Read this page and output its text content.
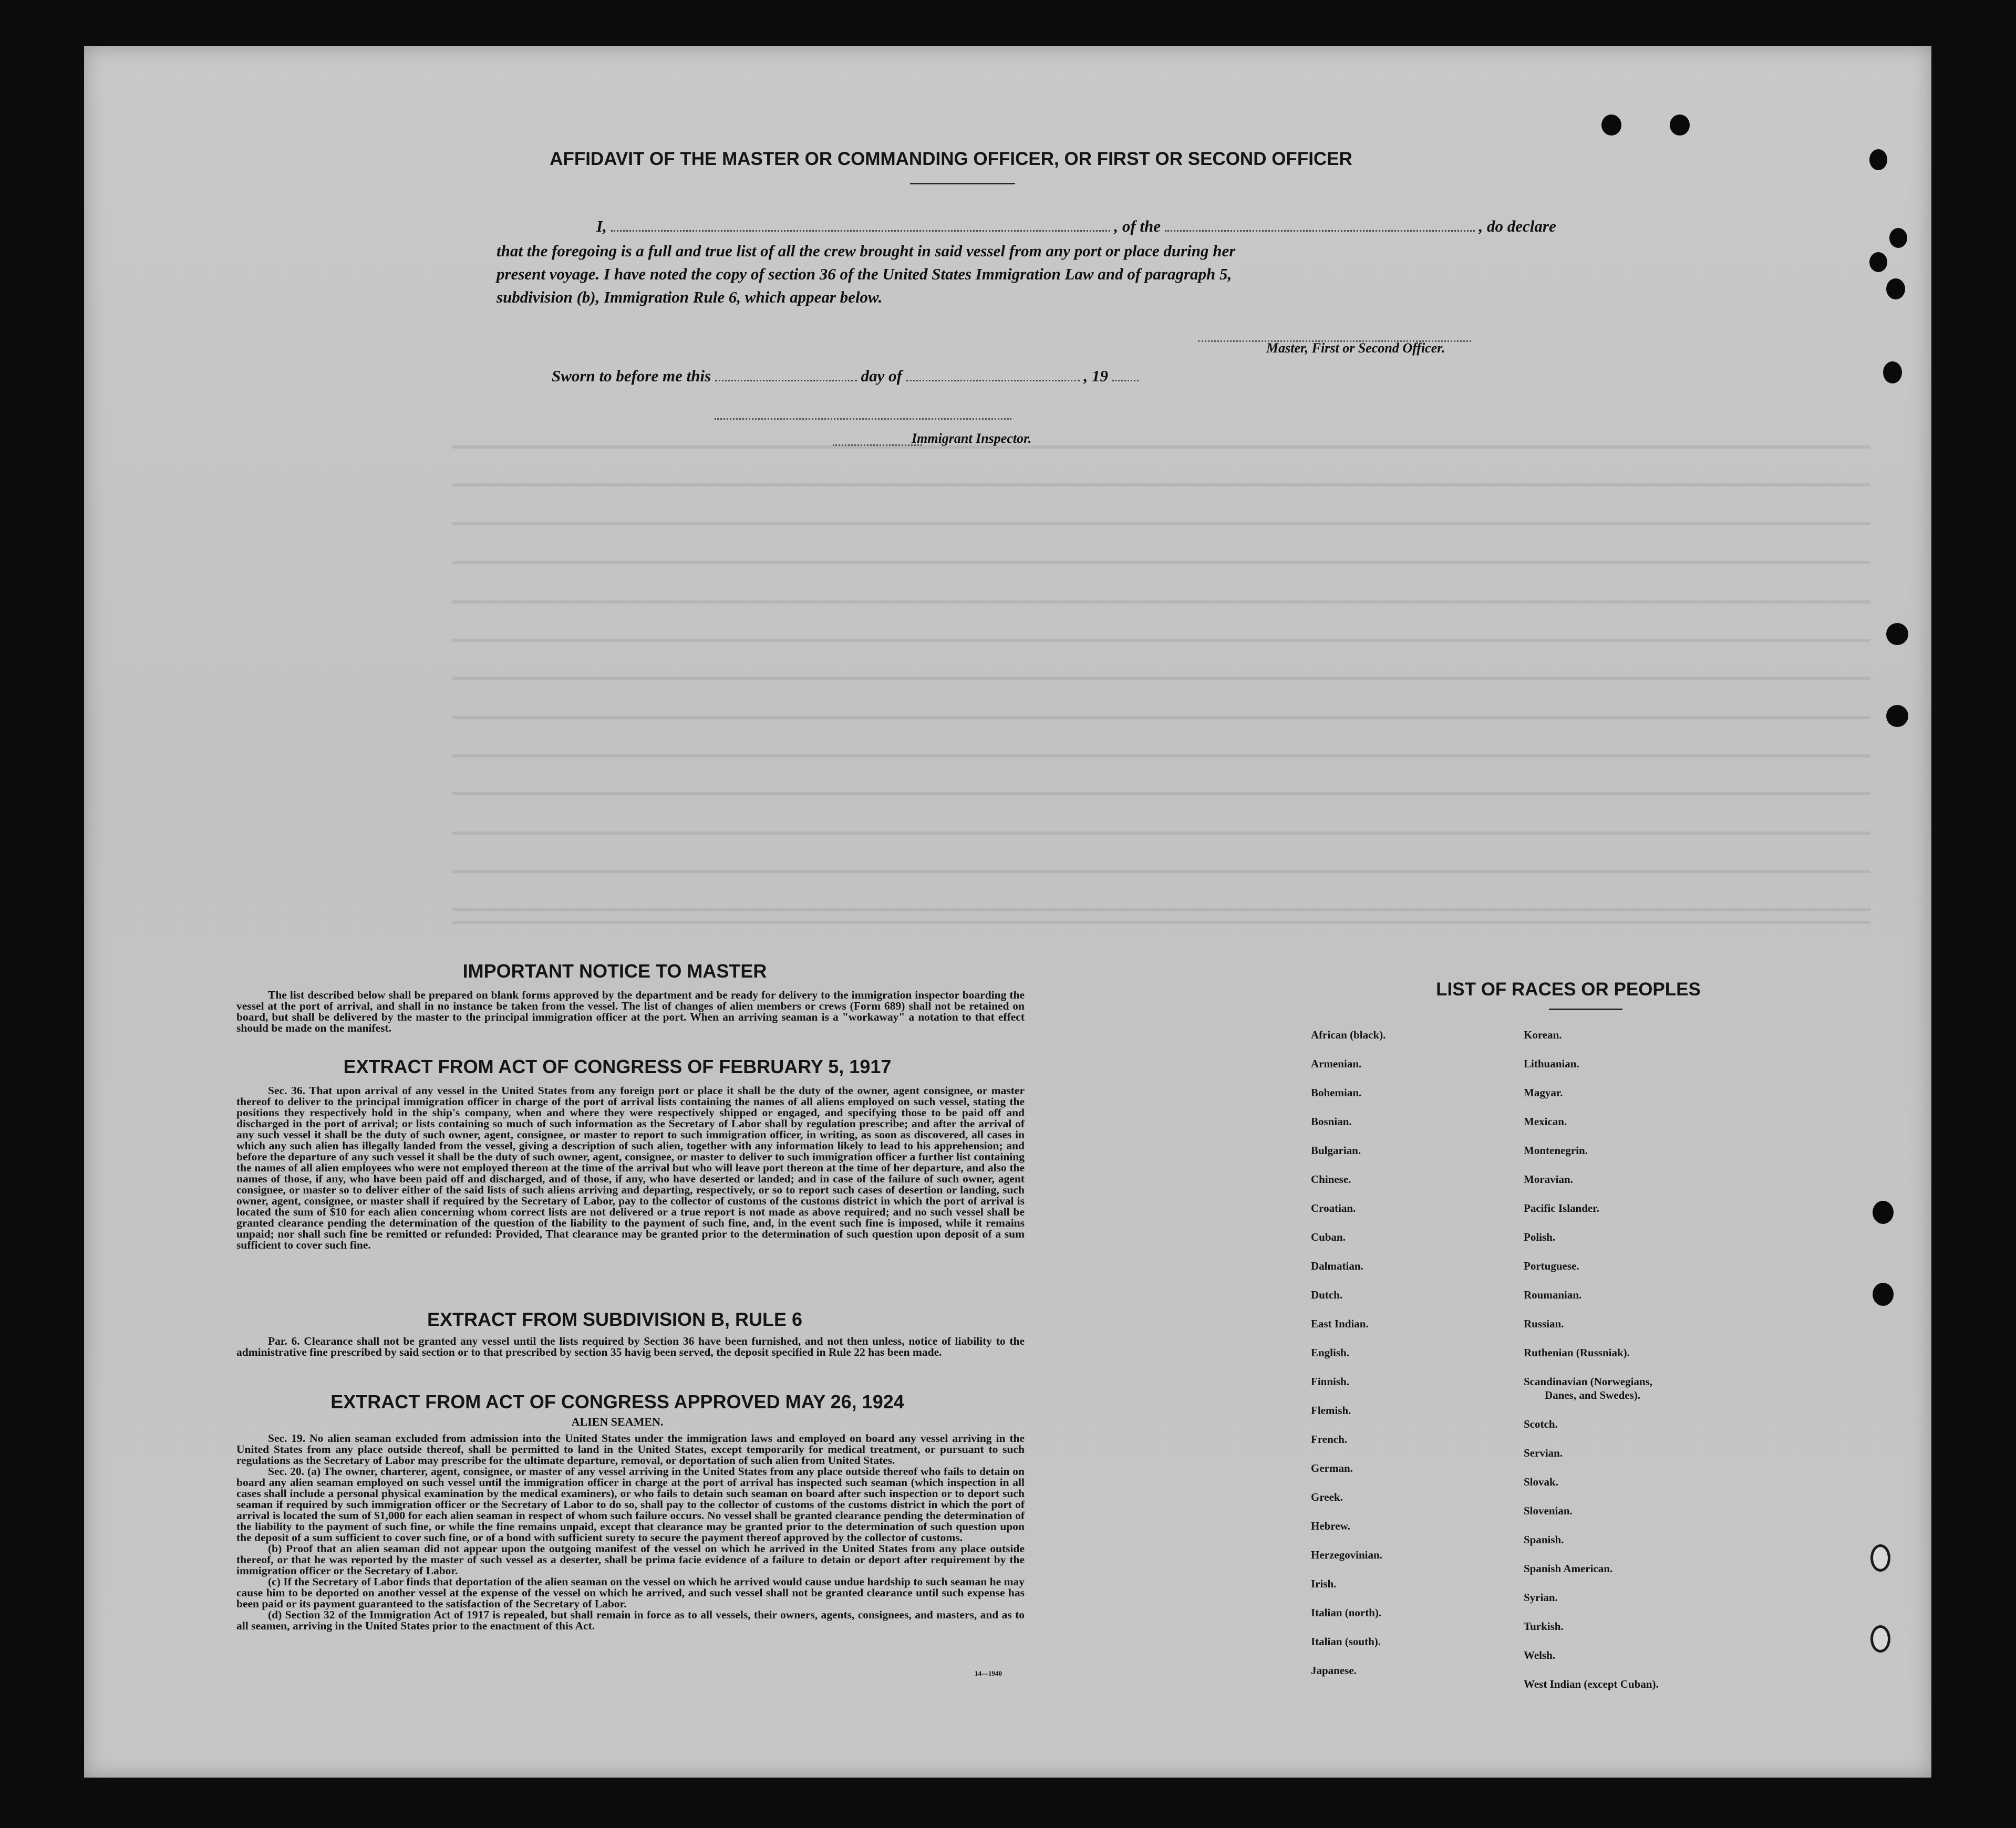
AFFIDAVIT OF THE MASTER OR COMMANDING OFFICER, OR FIRST OR SECOND OFFICER
I,	, of the	, do declare
that the foregoing is a full and true list of all the crew brought in said vessel from any port or place during her
present voyage. I have noted the copy of section 36 of the United States Immigration Law and of paragraph 5,
subdivision (b), Immigration Rule 6, which appear below.
Master, First or Second Officer.
Sworn to before me this	day of	, 19
Immigrant Inspector.
IMPORTANT NOTICE TO MASTER

The list described below shall be prepared on blank forms approved by the department and be ready for delivery to the immigration inspector boarding the vessel at the port of arrival, and shall in no instance be taken from the vessel. The list of changes of alien members or crews (Form 689) shall not be retained on board, but shall be delivered by the master to the principal immigration officer at the port. When an arriving seaman is a "workaway" a notation to that effect should be made on the manifest.

EXTRACT FROM ACT OF CONGRESS OF FEBRUARY 5, 1917

Sec. 36. That upon arrival of any vessel in the United States from any foreign port or place it shall be the duty of the owner, agent consignee, or master thereof to deliver to the principal immigration officer in charge of the port of arrival lists containing the names of all aliens employed on such vessel, stating the positions they respectively hold in the ship's company, when and where they were respectively shipped or engaged, and specifying those to be paid off and discharged in the port of arrival; or lists containing so much of such information as the Secretary of Labor shall by regulation prescribe; and after the arrival of any such vessel it shall be the duty of such owner, agent, consignee, or master to report to such immigration officer, in writing, as soon as discovered, all cases in which any such alien has illegally landed from the vessel, giving a description of such alien, together with any information likely to lead to his apprehension; and before the departure of any such vessel it shall be the duty of such owner, agent, consignee, or master to deliver to such immigration officer a further list containing the names of all alien employees who were not employed thereon at the time of the arrival but who will leave port thereon at the time of her departure, and also the names of those, if any, who have been paid off and discharged, and of those, if any, who have deserted or landed; and in case of the failure of such owner, agent consignee, or master so to deliver either of the said lists of such aliens arriving and departing, respectively, or so to report such cases of desertion or landing, such owner, agent, consignee, or master shall if required by the Secretary of Labor, pay to the collector of customs of the customs district in which the port of arrival is located the sum of $10 for each alien concerning whom correct lists are not delivered or a true report is not made as above required; and no such vessel shall be granted clearance pending the determination of the question of the liability to the payment of such fine, and, in the event such fine is imposed, while it remains unpaid; nor shall such fine be remitted or refunded: Provided, That clearance may be granted prior to the determination of such question upon deposit of a sum sufficient to cover such fine.

EXTRACT FROM SUBDIVISION B, RULE 6

Par. 6. Clearance shall not be granted any vessel until the lists required by Section 36 have been furnished, and not then unless, notice of liability to the administrative fine prescribed by said section or to that prescribed by section 35 havig been served, the deposit specified in Rule 22 has been made.

EXTRACT FROM ACT OF CONGRESS APPROVED MAY 26, 1924
ALIEN SEAMEN.

Sec. 19. No alien seaman excluded from admission into the United States under the immigration laws and employed on board any vessel arriving in the United States from any place outside thereof, shall be permitted to land in the United States, except temporarily for medical treatment, or pursuant to such regulations as the Secretary of Labor may prescribe for the ultimate departure, removal, or deportation of such alien from United States.

Sec. 20. (a) The owner, charterer, agent, consignee, or master of any vessel arriving in the United States from any place outside thereof who fails to detain on board any alien seaman employed on such vessel until the immigration officer in charge at the port of arrival has inspected such seaman (which inspection in all cases shall include a personal physical examination by the medical examiners), or who fails to detain such seaman on board after such inspection or to deport such seaman if required by such immigration officer or the Secretary of Labor to do so, shall pay to the collector of customs of the customs district in which the port of arrival is located the sum of $1,000 for each alien seaman in respect of whom such failure occurs. No vessel shall be granted clearance pending the determination of the liability to the payment of such fine, or while the fine remains unpaid, except that clearance may be granted prior to the determination of such question upon the deposit of a sum sufficient to cover such fine, or of a bond with sufficient surety to secure the payment thereof approved by the collector of customs.

(b) Proof that an alien seaman did not appear upon the outgoing manifest of the vessel on which he arrived in the United States from any place outside thereof, or that he was reported by the master of such vessel as a deserter, shall be prima facie evidence of a failure to detain or deport after requirement by the immigration officer or the Secretary of Labor.

(c) If the Secretary of Labor finds that deportation of the alien seaman on the vessel on which he arrived would cause undue hardship to such seaman he may cause him to be deported on another vessel at the expense of the vessel on which he arrived, and such vessel shall not be granted clearance until such expense has been paid or its payment guaranteed to the satisfaction of the Secretary of Labor.

(d) Section 32 of the Immigration Act of 1917 is repealed, but shall remain in force as to all vessels, their owners, agents, consignees, and masters, and as to all seamen, arriving in the United States prior to the enactment of this Act.

14—1940
LIST OF RACES OR PEOPLES
African (black).
Armenian.
Bohemian.
Bosnian.
Bulgarian.
Chinese.
Croatian.
Cuban.
Dalmatian.
Dutch.
East Indian.
English.
Finnish.
Flemish.
French.
German.
Greek.
Hebrew.
Herzegovinian.
Irish.
Italian (north).
Italian (south).
Japanese.
Korean.
Lithuanian.
Magyar.
Mexican.
Montenegrin.
Moravian.
Pacific Islander.
Polish.
Portuguese.
Roumanian.
Russian.
Ruthenian (Russniak).
Scandinavian (Norwegians,
Danes, and Swedes).
Scotch.
Servian.
Slovak.
Slovenian.
Spanish.
Spanish American.
Syrian.
Turkish.
Welsh.
West Indian (except Cuban).
